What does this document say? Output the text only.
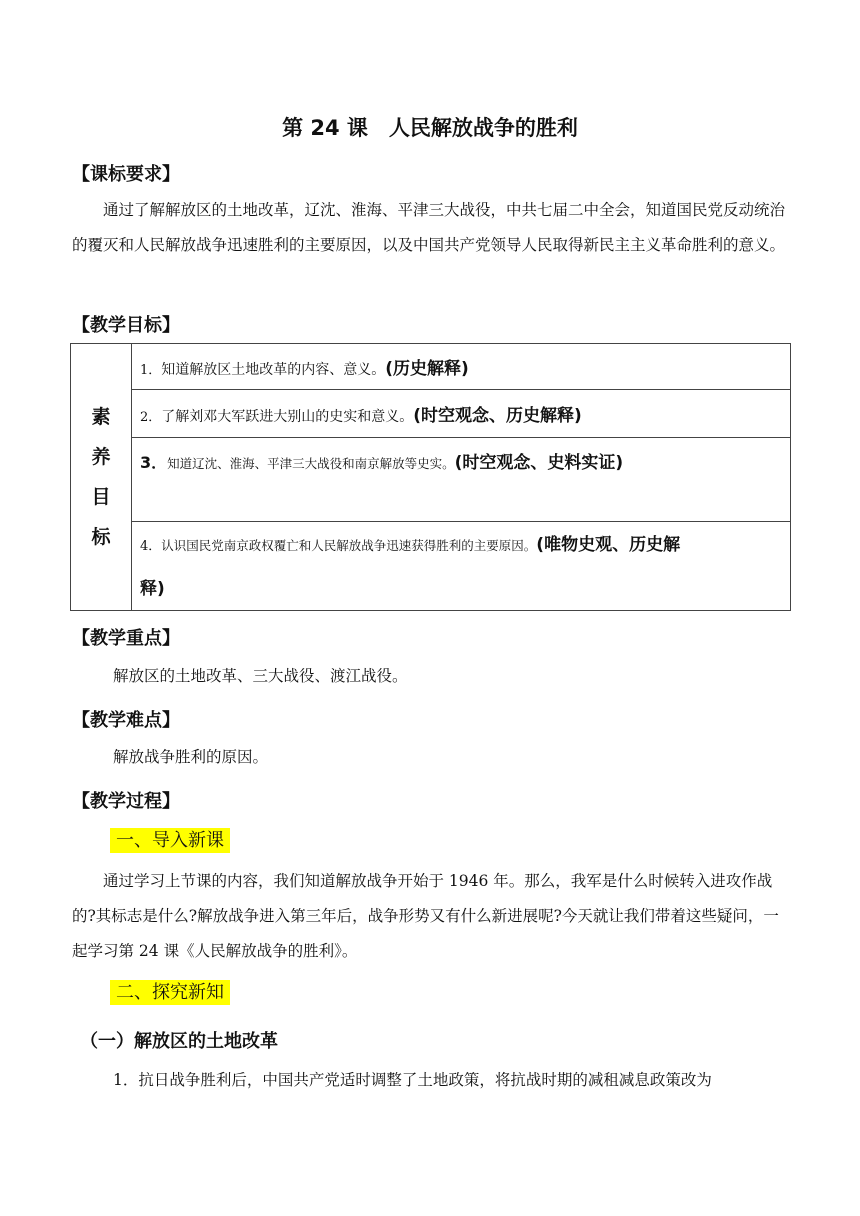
第 24 课　人民解放战争的胜利
【课标要求】
通过了解解放区的土地改革，辽沈、淮海、平津三大战役，中共七届二中全会，知道国民党反动统治的覆灭和人民解放战争迅速胜利的主要原因，以及中国共产党领导人民取得新民主主义革命胜利的意义。
【教学目标】
素养目标	1．知道解放区土地改革的内容、意义。(历史解释)
2．了解刘邓大军跃进大别山的史实和意义。(时空观念、历史解释)
3．知道辽沈、淮海、平津三大战役和南京解放等史实。(时空观念、史料实证)

4．认识国民党南京政权覆亡和人民解放战争迅速获得胜利的主要原因。(唯物史观、历史解
释)
【教学重点】
解放区的土地改革、三大战役、渡江战役。
【教学难点】
解放战争胜利的原因。
【教学过程】
一、导入新课
通过学习上节课的内容，我们知道解放战争开始于 1946 年。那么，我军是什么时候转入进攻作战的?其标志是什么?解放战争进入第三年后，战争形势又有什么新进展呢?今天就让我们带着这些疑问，一起学习第 24 课《人民解放战争的胜利》。
二、探究新知
（一）解放区的土地改革
1．抗日战争胜利后，中国共产党适时调整了土地政策，将抗战时期的减租减息政策改为
